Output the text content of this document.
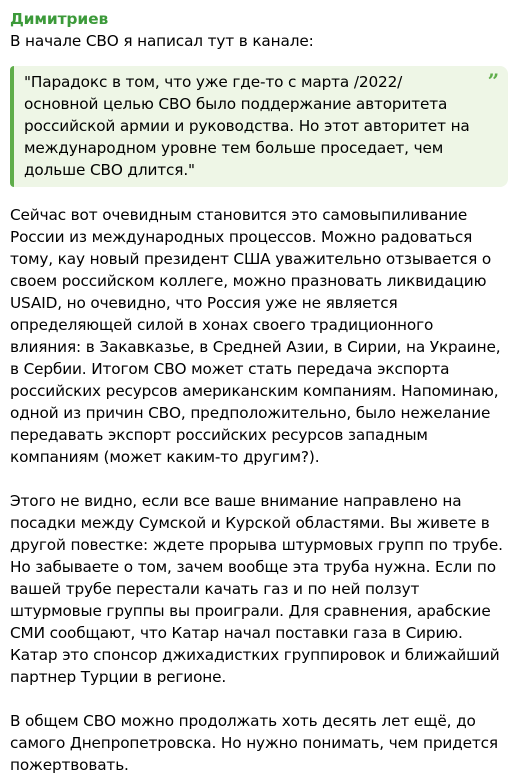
Димитриев
В начале СВО я написал тут в канале:
"Парадокс в том, что уже где-то с марта /2022/ основной целью СВО было поддержание авторитета российской армии и руководства. Но этот авторитет на международном уровне тем больше проседает, чем дольше СВО длится."
”
Сейчас вот очевидным становится это самовыпиливание России из международных процессов. Можно радоваться тому, кау новый президент США уважительно отзывается о своем российском коллеге, можно празновать ликвидацию USAID, но очевидно, что Россия уже не является определяющей силой в хонах своего традиционного влияния: в Закавказье, в Средней Азии, в Сирии, на Украине, в Сербии. Итогом СВО может стать передача экспорта российских ресурсов американским компаниям. Напоминаю, одной из причин СВО, предположительно, было нежелание передавать экспорт российских ресурсов западным компаниям (может каким-то другим?).
Этого не видно, если все ваше внимание направлено на посадки между Сумской и Курской областями. Вы живете в другой повестке: ждете прорыва штурмовых групп по трубе. Но забываете о том, зачем вообще эта труба нужна. Если по вашей трубе перестали качать газ и по ней ползут штурмовые группы вы проиграли. Для сравнения, арабские СМИ сообщают, что Катар начал поставки газа в Сирию. Катар это спонсор джихадистких группировок и ближайший партнер Турции в регионе.
В общем СВО можно продолжать хоть десять лет ещё, до самого Днепропетровска. Но нужно понимать, чем придется пожертвовать.
